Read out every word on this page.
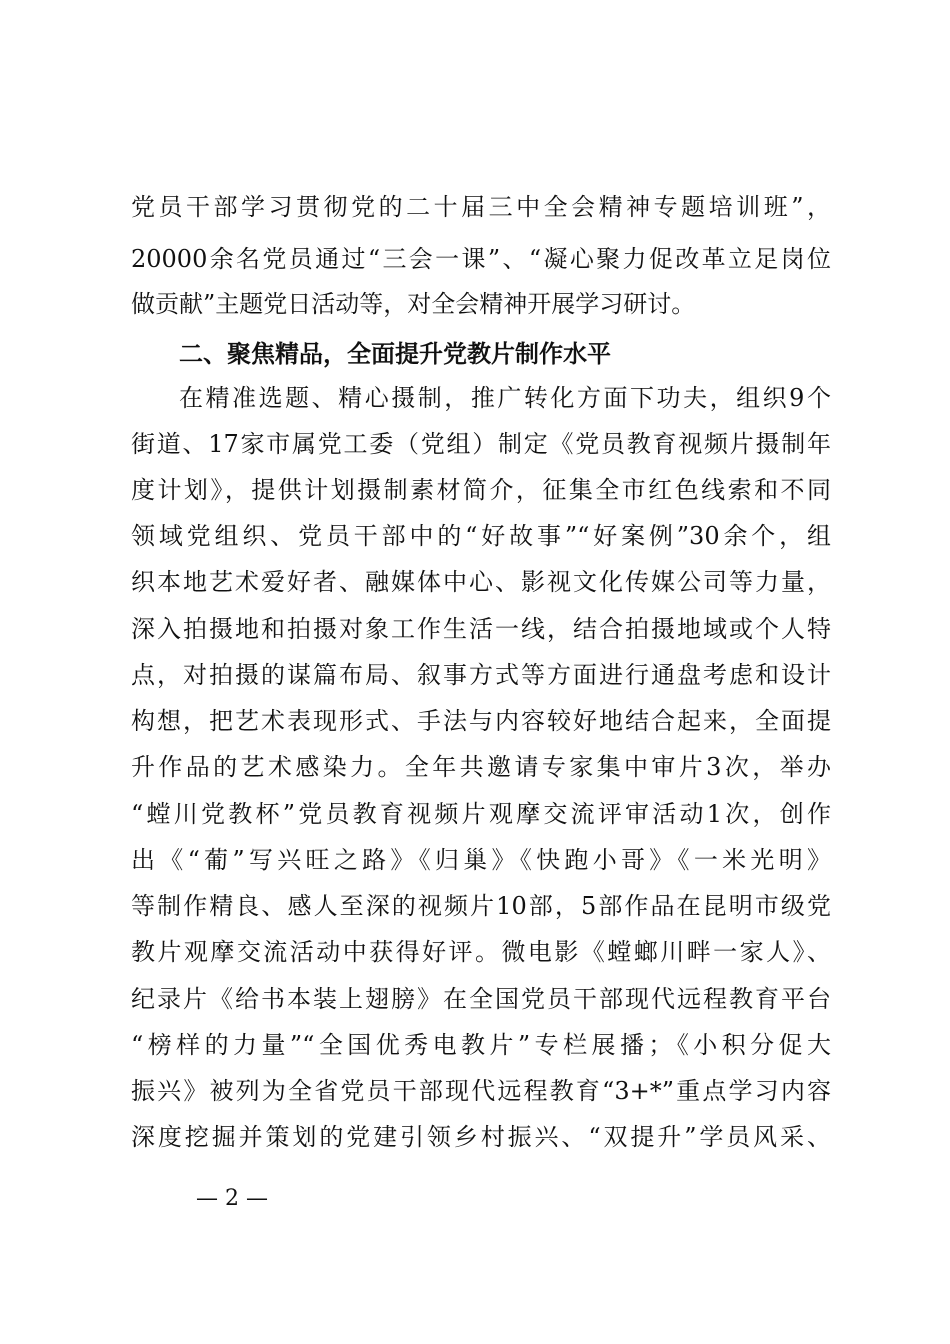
党员干部学习贯彻党的二十届三中全会精神专题培训班”，
20000余名党员通过“三会一课”、“凝心聚力促改革立足岗位
做贡献”主题党日活动等，对全会精神开展学习研讨。
二、聚焦精品，全面提升党教片制作水平
在精准选题、精心摄制，推广转化方面下功夫，组织9个
街道、17家市属党工委（党组）制定《党员教育视频片摄制年
度计划》，提供计划摄制素材简介，征集全市红色线索和不同
领域党组织、党员干部中的“好故事”“好案例”30余个，组
织本地艺术爱好者、融媒体中心、影视文化传媒公司等力量，
深入拍摄地和拍摄对象工作生活一线，结合拍摄地域或个人特
点，对拍摄的谋篇布局、叙事方式等方面进行通盘考虑和设计
构想，把艺术表现形式、手法与内容较好地结合起来，全面提
升作品的艺术感染力。全年共邀请专家集中审片3次，举办
“螳川党教杯”党员教育视频片观摩交流评审活动1次，创作
出《“葡”写兴旺之路》《归巢》《快跑小哥》《一米光明》
等制作精良、感人至深的视频片10部，5部作品在昆明市级党
教片观摩交流活动中获得好评。微电影《螳螂川畔一家人》、
纪录片《给书本装上翅膀》在全国党员干部现代远程教育平台
“榜样的力量”“全国优秀电教片”专栏展播；《小积分促大
振兴》被列为全省党员干部现代远程教育“3+*”重点学习内容
深度挖掘并策划的党建引领乡村振兴、“双提升”学员风采、
— 2 —
